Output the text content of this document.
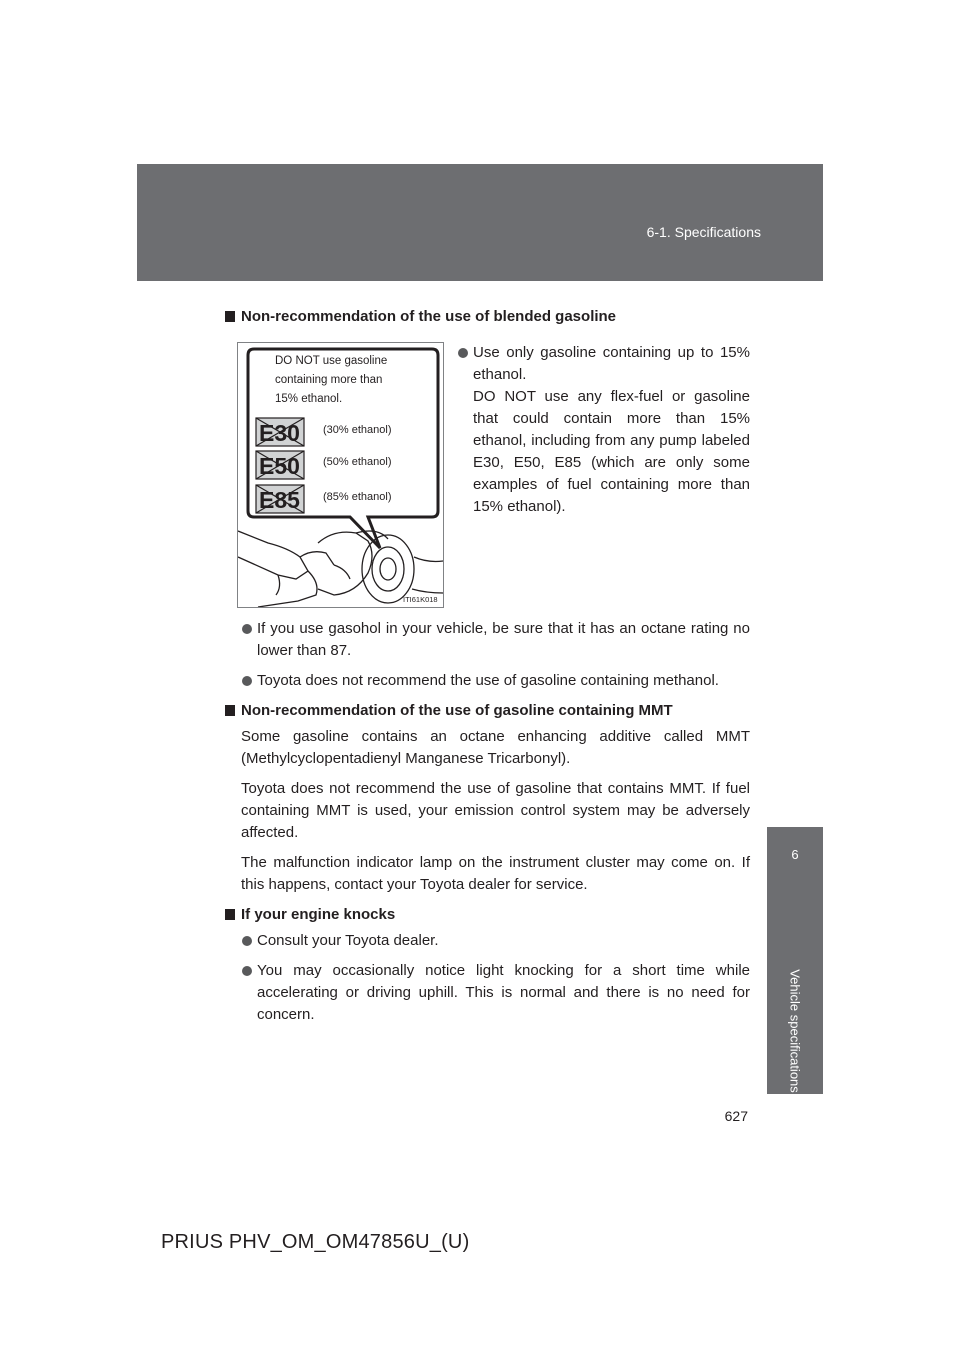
6-1. Specifications
6
Vehicle specifications

Non-recommendation of the use of blended gasoline

DO NOT use gasoline
containing more than
15% ethanol.
E30 (30% ethanol)
E50 (50% ethanol)
E85 (85% ethanol)
ITI61K018
Use only gasoline containing up to 15% ethanol.
DO NOT use any flex-fuel or gasoline that could contain more than 15% ethanol, including from any pump labeled E30, E50, E85 (which are only some examples of fuel containing more than 15% ethanol).
If you use gasohol in your vehicle, be sure that it has an octane rating no lower than 87.
Toyota does not recommend the use of gasoline containing methanol.

Non-recommendation of the use of gasoline containing MMT

Some gasoline contains an octane enhancing additive called MMT (Methylcyclopentadienyl Manganese Tricarbonyl).

Toyota does not recommend the use of gasoline that contains MMT. If fuel containing MMT is used, your emission control system may be adversely affected.

The malfunction indicator lamp on the instrument cluster may come on. If this happens, contact your Toyota dealer for service.

If your engine knocks

Consult your Toyota dealer.
You may occasionally notice light knocking for a short time while accelerating or driving uphill. This is normal and there is no need for concern.
627
PRIUS PHV_OM_OM47856U_(U)
